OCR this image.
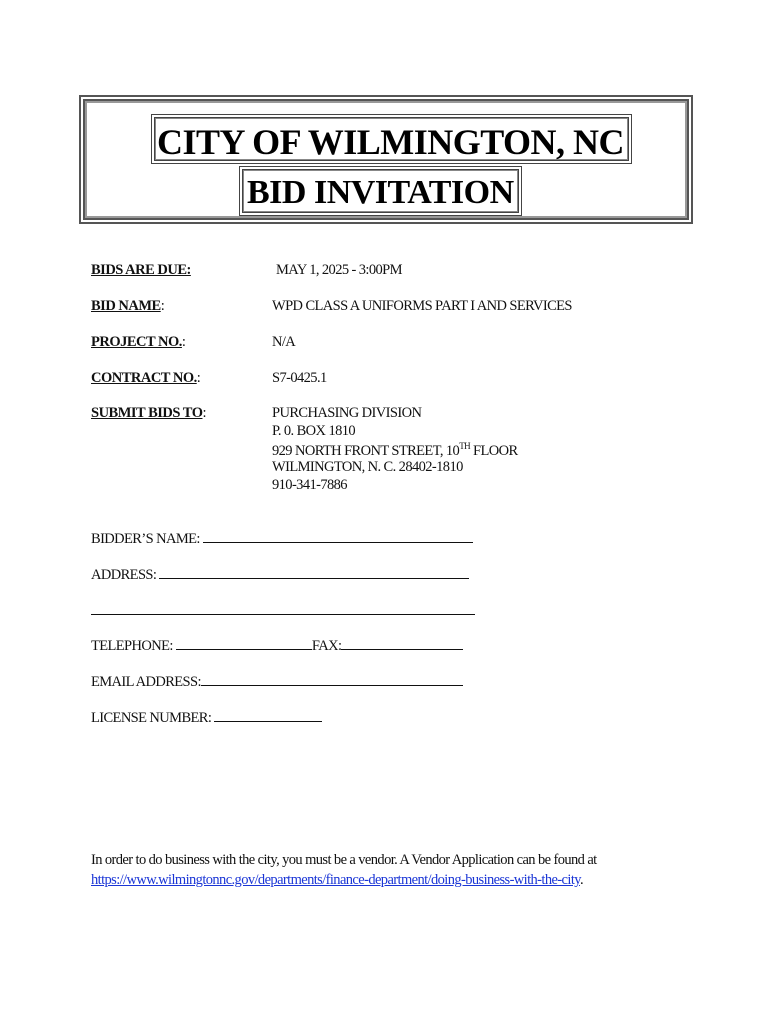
CITY OF WILMINGTON, NC
BID INVITATION
BIDS ARE DUE:	MAY 1, 2025 - 3:00PM
BID NAME:	WPD CLASS A UNIFORMS PART I AND SERVICES
PROJECT NO.:	N/A
CONTRACT NO.:	S7-0425.1
SUBMIT BIDS TO:	PURCHASING DIVISION
P. 0. BOX 1810
929 NORTH FRONT STREET, 10TH FLOOR
WILMINGTON, N. C. 28402-1810
910-341-7886
BIDDER’S NAME:
ADDRESS:
TELEPHONE:	FAX:
EMAIL ADDRESS:
LICENSE NUMBER:
In order to do business with the city, you must be a vendor. A Vendor Application can be found at
https://www.wilmingtonnc.gov/departments/finance-department/doing-business-with-the-city.
